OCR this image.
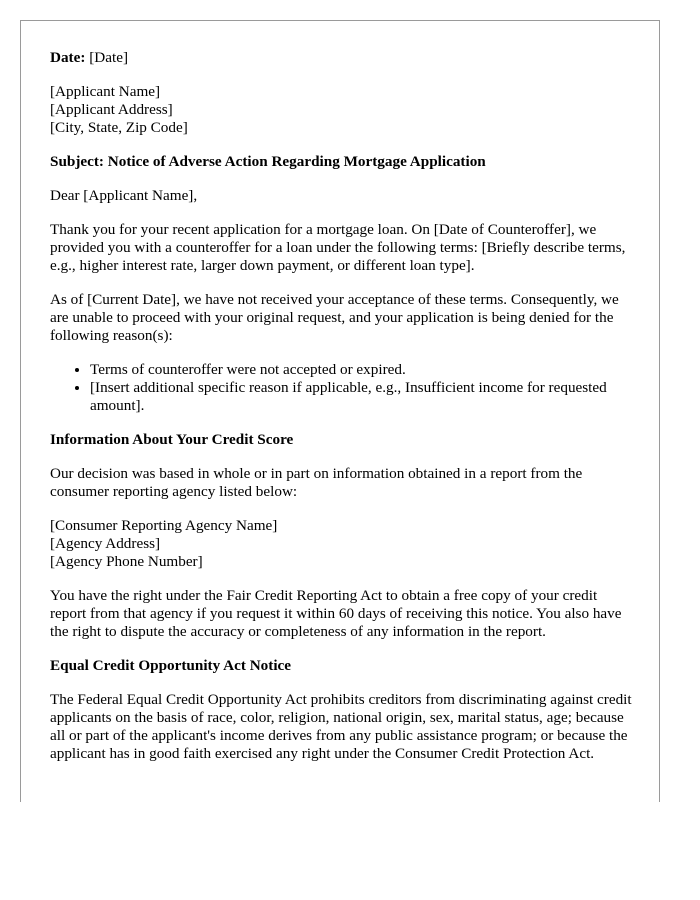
Date: [Date]

[Applicant Name]
[Applicant Address]
[City, State, Zip Code]

Subject: Notice of Adverse Action Regarding Mortgage Application

Dear [Applicant Name],

Thank you for your recent application for a mortgage loan. On [Date of Counteroffer], we provided you with a counteroffer for a loan under the following terms: [Briefly describe terms, e.g., higher interest rate, larger down payment, or different loan type].

As of [Current Date], we have not received your acceptance of these terms. Consequently, we are unable to proceed with your original request, and your application is being denied for the following reason(s):

• Terms of counteroffer were not accepted or expired.
• [Insert additional specific reason if applicable, e.g., Insufficient income for requested amount].

Information About Your Credit Score

Our decision was based in whole or in part on information obtained in a report from the consumer reporting agency listed below:

[Consumer Reporting Agency Name]
[Agency Address]
[Agency Phone Number]

You have the right under the Fair Credit Reporting Act to obtain a free copy of your credit report from that agency if you request it within 60 days of receiving this notice. You also have the right to dispute the accuracy or completeness of any information in the report.

Equal Credit Opportunity Act Notice

The Federal Equal Credit Opportunity Act prohibits creditors from discriminating against credit applicants on the basis of race, color, religion, national origin, sex, marital status, age; because all or part of the applicant's income derives from any public assistance program; or because the applicant has in good faith exercised any right under the Consumer Credit Protection Act.
